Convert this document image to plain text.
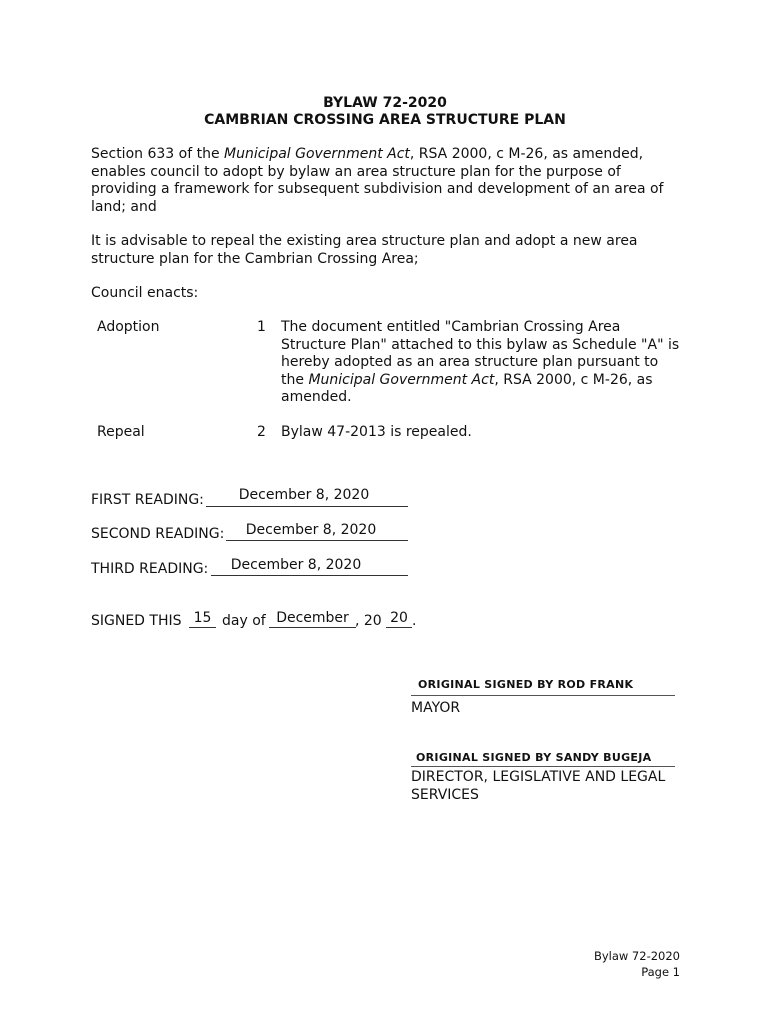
BYLAW 72-2020
CAMBRIAN CROSSING AREA STRUCTURE PLAN
Section 633 of the Municipal Government Act, RSA 2000, c M-26, as amended, enables council to adopt by bylaw an area structure plan for the purpose of providing a framework for subsequent subdivision and development of an area of land; and
It is advisable to repeal the existing area structure plan and adopt a new area structure plan for the Cambrian Crossing Area;
Council enacts:
Adoption	1 The document entitled "Cambrian Crossing Area Structure Plan" attached to this bylaw as Schedule "A" is hereby adopted as an area structure plan pursuant to the Municipal Government Act, RSA 2000, c M-26, as amended.
Repeal	2 Bylaw 47-2013 is repealed.
FIRST READING:	December 8, 2020
SECOND READING:	December 8, 2020
THIRD READING:	December 8, 2020
SIGNED THIS 15 day of December , 20 20 .
ORIGINAL SIGNED BY ROD FRANK
MAYOR
ORIGINAL SIGNED BY SANDY BUGEJA
DIRECTOR, LEGISLATIVE AND LEGAL SERVICES
Bylaw 72-2020
Page 1
